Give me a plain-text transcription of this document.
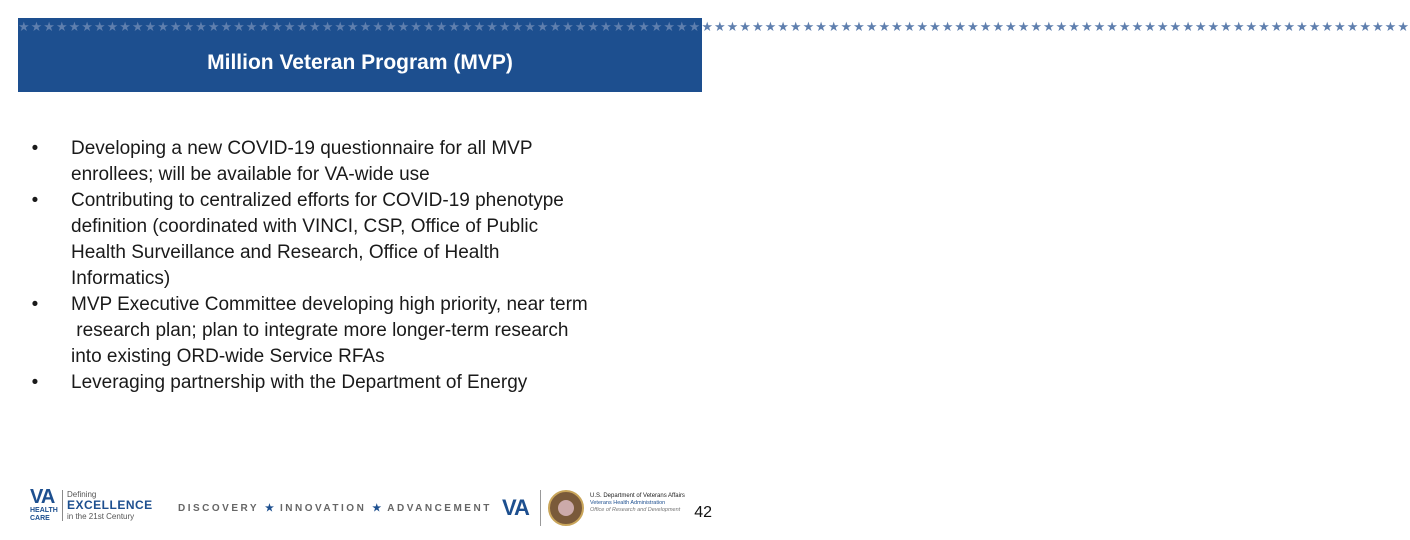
★★★★★★★★★★★★★★★★★★★★★★★★★★★★★★★★★★★★★★★★★★★★★★★★★★★★★★★★★★★★★★★★★★★★★★★★★★★★★★★★★★★★★★★★★★★★★★★★★★★★★★★★★★★★★★
Million Veteran Program (MVP)
• Developing a new COVID-19 questionnaire for all MVP
enrollees; will be available for VA-wide use
• Contributing to centralized efforts for COVID-19 phenotype
definition (coordinated with VINCI, CSP, Office of Public
Health Surveillance and Research, Office of Health
Informatics)
• MVP Executive Committee developing high priority, near term
research plan; plan to integrate more longer-term research
into existing ORD-wide Service RFAs
• Leveraging partnership with the Department of Energy
VA
HEALTH
CARE
Defining
EXCELLENCE
in the 21st Century
DISCOVERY ★ INNOVATION ★ ADVANCEMENT VA	U.S. Department of Veterans Affairs
Veterans Health Administration
Office of Research and Development 42
